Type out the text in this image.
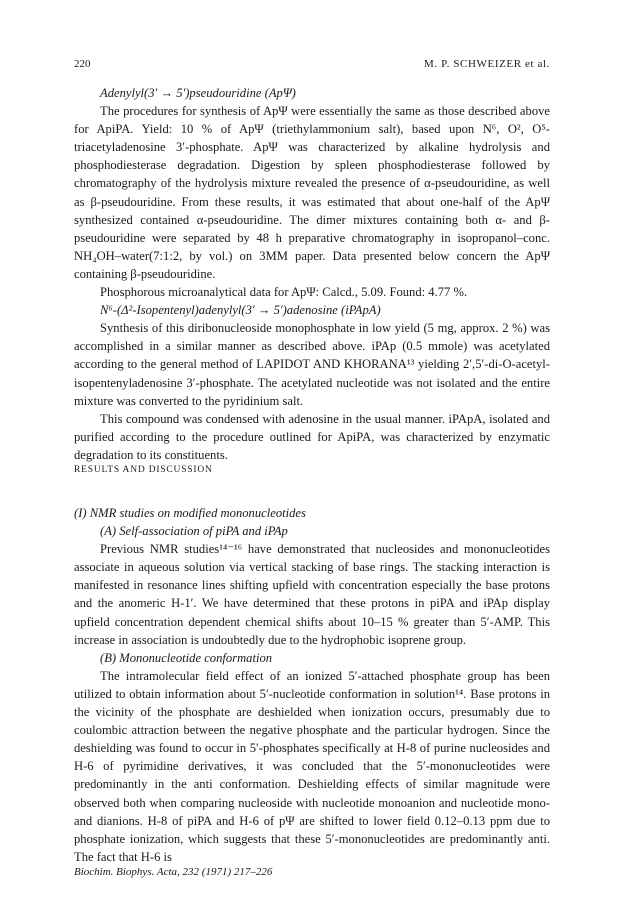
220	M. P. SCHWEIZER et al.

Adenylyl(3′ → 5′)pseudouridine (ApΨ)

The procedures for synthesis of ApΨ were essentially the same as those described above for ApiPA. Yield: 10 % of ApΨ (triethylammonium salt), based upon N⁶, O², O⁵-triacetyladenosine 3′-phosphate. ApΨ was characterized by alkaline hydrolysis and phosphodiesterase degradation. Digestion by spleen phosphodiesterase followed by chromatography of the hydrolysis mixture revealed the presence of α-pseudouridine, as well as β-pseudouridine. From these results, it was estimated that about one-half of the ApΨ synthesized contained α-pseudouridine. The dimer mixtures containing both α- and β-pseudouridine were separated by 48 h preparative chromatography in isopropanol–conc. NH₄OH–water(7:1:2, by vol.) on 3MM paper. Data presented below concern the ApΨ containing β-pseudouridine.

Phosphorous microanalytical data for ApΨ: Calcd., 5.09. Found: 4.77 %.

N⁶-(Δ²-Isopentenyl)adenylyl(3′ → 5′)adenosine (iPApA)

Synthesis of this diribonucleoside monophosphate in low yield (5 mg, approx. 2 %) was accomplished in a similar manner as described above. iPAp (0.5 mmole) was acetylated according to the general method of LAPIDOT AND KHORANA¹³ yielding 2′,5′-di-O-acetyl-isopentenyladenosine 3′-phosphate. The acetylated nucleotide was not isolated and the entire mixture was converted to the pyridinium salt.

This compound was condensed with adenosine in the usual manner. iPApA, isolated and purified according to the procedure outlined for ApiPA, was characterized by enzymatic degradation to its constituents.

RESULTS AND DISCUSSION

(I) NMR studies on modified mononucleotides

(A) Self-association of piPA and iPAp

Previous NMR studies¹⁴⁻¹⁶ have demonstrated that nucleosides and mononucleotides associate in aqueous solution via vertical stacking of base rings. The stacking interaction is manifested in resonance lines shifting upfield with concentration especially the base protons and the anomeric H-1′. We have determined that these protons in piPA and iPAp display upfield concentration dependent chemical shifts about 10–15 % greater than 5′-AMP. This increase in association is undoubtedly due to the hydrophobic isoprene group.

(B) Mononucleotide conformation

The intramolecular field effect of an ionized 5′-attached phosphate group has been utilized to obtain information about 5′-nucleotide conformation in solution¹⁴. Base protons in the vicinity of the phosphate are deshielded when ionization occurs, presumably due to coulombic attraction between the negative phosphate and the particular hydrogen. Since the deshielding was found to occur in 5′-phosphates specifically at H-8 of purine nucleosides and H-6 of pyrimidine derivatives, it was concluded that the 5′-mononucleotides were predominantly in the anti conformation. Deshielding effects of similar magnitude were observed both when comparing nucleoside with nucleotide monoanion and nucleotide mono- and dianions. H-8 of piPA and H-6 of pΨ are shifted to lower field 0.12–0.13 ppm due to phosphate ionization, which suggests that these 5′-mononucleotides are predominantly anti. The fact that H-6 is

Biochim. Biophys. Acta, 232 (1971) 217–226
